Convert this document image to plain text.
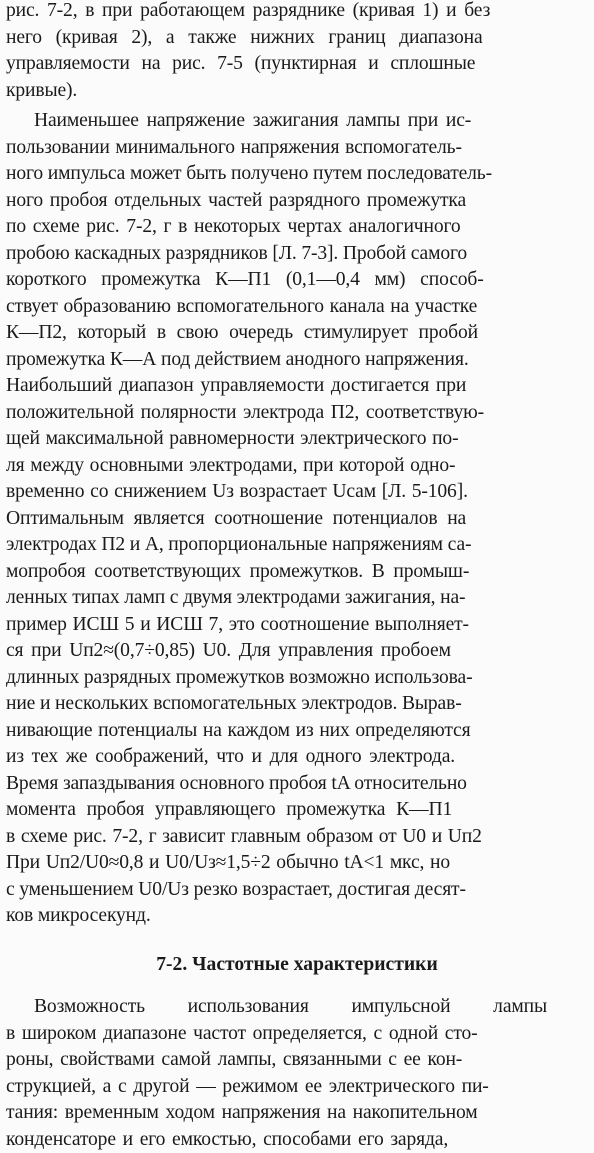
рис. 7-2, в при работающем разряднике (кривая 1) и без
него (кривая 2), а также нижних границ диапазона
управляемости на рис. 7-5 (пунктирная и сплошные
кривые).
Наименьшее напряжение зажигания лампы при ис-
пользовании минимального напряжения вспомогатель-
ного импульса может быть получено путем последователь-
ного пробоя отдельных частей разрядного промежутка
по схеме рис. 7-2, г в некоторых чертах аналогичного
пробою каскадных разрядников [Л. 7-3]. Пробой самого
короткого промежутка К—П1 (0,1—0,4 мм) способ-
ствует образованию вспомогательного канала на участке
К—П2, который в свою очередь стимулирует пробой
промежутка К—А под действием анодного напряжения.
Наибольший диапазон управляемости достигается при
положительной полярности электрода П2, соответствую-
щей максимальной равномерности электрического по-
ля между основными электродами, при которой одно-
временно со снижением Uз возрастает Uсам [Л. 5-106].
Оптимальным является соотношение потенциалов на
электродах П2 и А, пропорциональные напряжениям са-
мопробоя соответствующих промежутков. В промыш-
ленных типах ламп с двумя электродами зажигания, на-
пример ИСШ 5 и ИСШ 7, это соотношение выполняет-
ся при Uп2≈(0,7÷0,85) U0. Для управления пробоем
длинных разрядных промежутков возможно использова-
ние и нескольких вспомогательных электродов. Вырав-
нивающие потенциалы на каждом из них определяются
из тех же соображений, что и для одного электрода.
Время запаздывания основного пробоя tA относительно
момента пробоя управляющего промежутка К—П1
в схеме рис. 7-2, г зависит главным образом от U0 и Uп2
При Uп2/U0≈0,8 и U0/Uз≈1,5÷2 обычно tA<1 мкс, но
с уменьшением U0/Uз резко возрастает, достигая десят-
ков микросекунд.
7-2. Частотные характеристики
Возможность использования импульсной лампы
в широком диапазоне частот определяется, с одной сто-
роны, свойствами самой лампы, связанными с ее кон-
струкцией, а с другой — режимом ее электрического пи-
тания: временным ходом напряжения на накопительном
конденсаторе и его емкостью, способами его заряда,
